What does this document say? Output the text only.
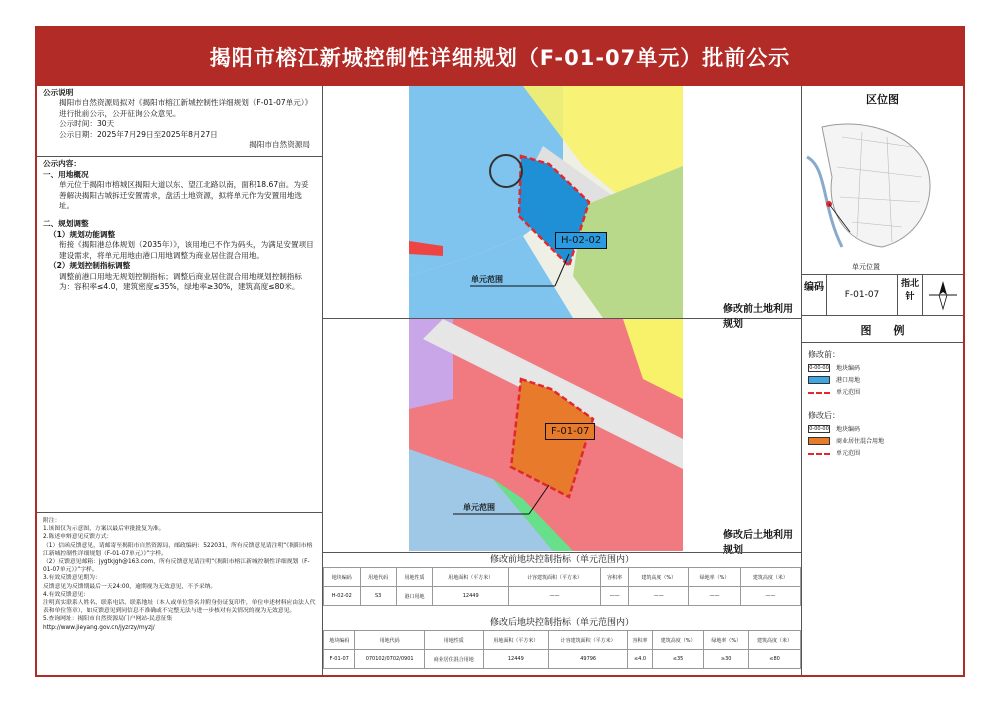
揭阳市榕江新城控制性详细规划（F-01-07单元）批前公示
公示说明
揭阳市自然资源局拟对《揭阳市榕江新城控制性详细规划（F-01-07单元）》进行批前公示，公开征询公众意见。
公示时间：30天
公示日期：2025年7月29日至2025年8月27日
揭阳市自然资源局
公示内容：
一、用地概况
单元位于揭阳市榕城区揭阳大道以东、望江北路以南，面积18.67亩。为妥善解决揭阳古城拆迁安置需求，盘活土地资源，拟将单元作为安置用地选址。
二、规划调整
（1）规划功能调整
衔接《揭阳港总体规划（2035年）》，该用地已不作为码头，为满足安置项目建设需求，将单元用地由港口用地调整为商业居住混合用地。
（2）规划控制指标调整
调整前港口用地无规划控制指标；调整后商业居住混合用地规划控制指标为：容积率≤4.0，建筑密度≤35%，绿地率≥30%，建筑高度≤80米。
附注：
1.该图仅为示意图，方案以最后审批批复为准。
2.陈述申辩意见反馈方式：
（1）信函反馈意见，请邮寄至揭阳市自然资源局，邮政编码：522031，所有反馈意见请注明“《揭阳市榕江新城控制性详细规划（F-01-07单元）》”字样。
（2）反馈意见邮箱：jygtkjgh@163.com，所有反馈意见请注明“《揭阳市榕江新城控制性详细规划（F-01-07单元）》”字样。
3.有效反馈意见期为：
反馈意见为反馈期最后一天24:00，逾期视为无效意见，不予采纳。
4.有效反馈意见：
注明真实联系人姓名、联系电话、联系地址（本人或单位签名并附身份证复印件，单位申述材料应由法人代表和单位签章），如反馈意见到同信息不准确或不完整无法与进一步核对有关情况的视为无效意见。
5.查询网址：揭阳市自然资源局门户网站-民意征集
http://www.jieyang.gov.cn/jyzrzy/myzj/
H-02-02
单元范围
修改前土地利用规划
F-01-07
单元范围
修改后土地利用规划
修改前地块控制指标（单元范围内）
地块编码	用地代码	用地性质	用地面积（平方米）	计容建筑面积（平方米）	容积率	建筑高度（%）	绿地率（%）	建筑高度（米）
H-02-02	S3	港口用地	12449	——	——	——	——	——
修改后地块控制指标（单元范围内）
地块编码	用地代码	用地性质	用地面积（平方米）	计容建筑面积（平方米）	容积率	建筑高度（%）	绿地率（%）	建筑高度（米）
F-01-07	070102/0702/0901	商业居住混合用地	12449	49796	≤4.0	≤35	≥30	≤80
区位图
单元位置
编码
F-01-07
指北针
图　　例
修改前：
0-00-00 地块编码
港口用地
单元范围
修改后：
0-00-00 地块编码
商业居住混合用地
单元范围
